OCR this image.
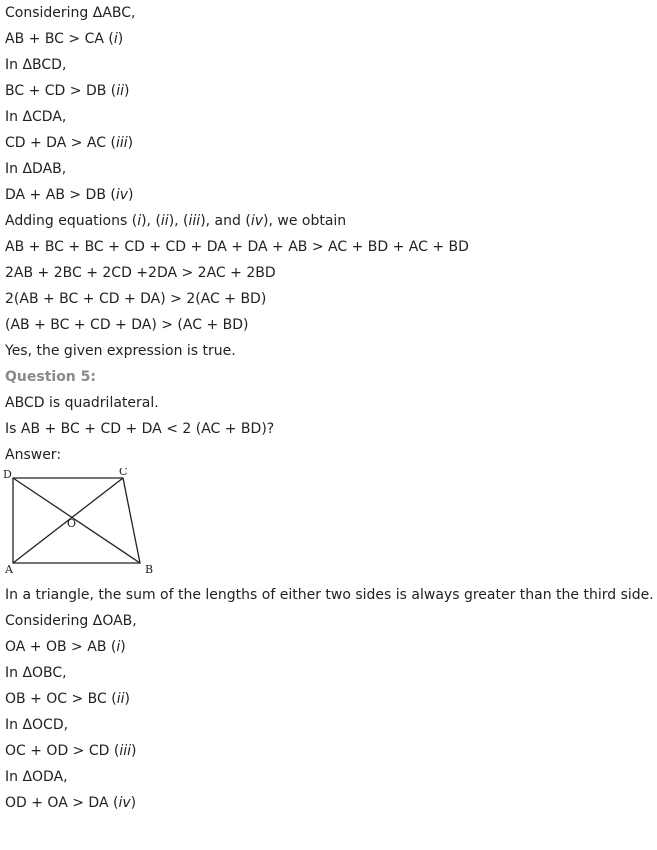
Considering ΔABC,
AB + BC > CA (i)
In ΔBCD,
BC + CD > DB (ii)
In ΔCDA,
CD + DA > AC (iii)
In ΔDAB,
DA + AB > DB (iv)
Adding equations (i), (ii), (iii), and (iv), we obtain
AB + BC + BC + CD + CD + DA + DA + AB > AC + BD + AC + BD
2AB + 2BC + 2CD +2DA > 2AC + 2BD
2(AB + BC + CD + DA) > 2(AC + BD)
(AB + BC + CD + DA) > (AC + BD)
Yes, the given expression is true.
Question 5:
ABCD is quadrilateral.
Is AB + BC + CD + DA < 2 (AC + BD)?
Answer:
D	C
O
A	B
In a triangle, the sum of the lengths of either two sides is always greater than the third side.
Considering ΔOAB,
OA + OB > AB (i)
In ΔOBC,
OB + OC > BC (ii)
In ΔOCD,
OC + OD > CD (iii)
In ΔODA,
OD + OA > DA (iv)
